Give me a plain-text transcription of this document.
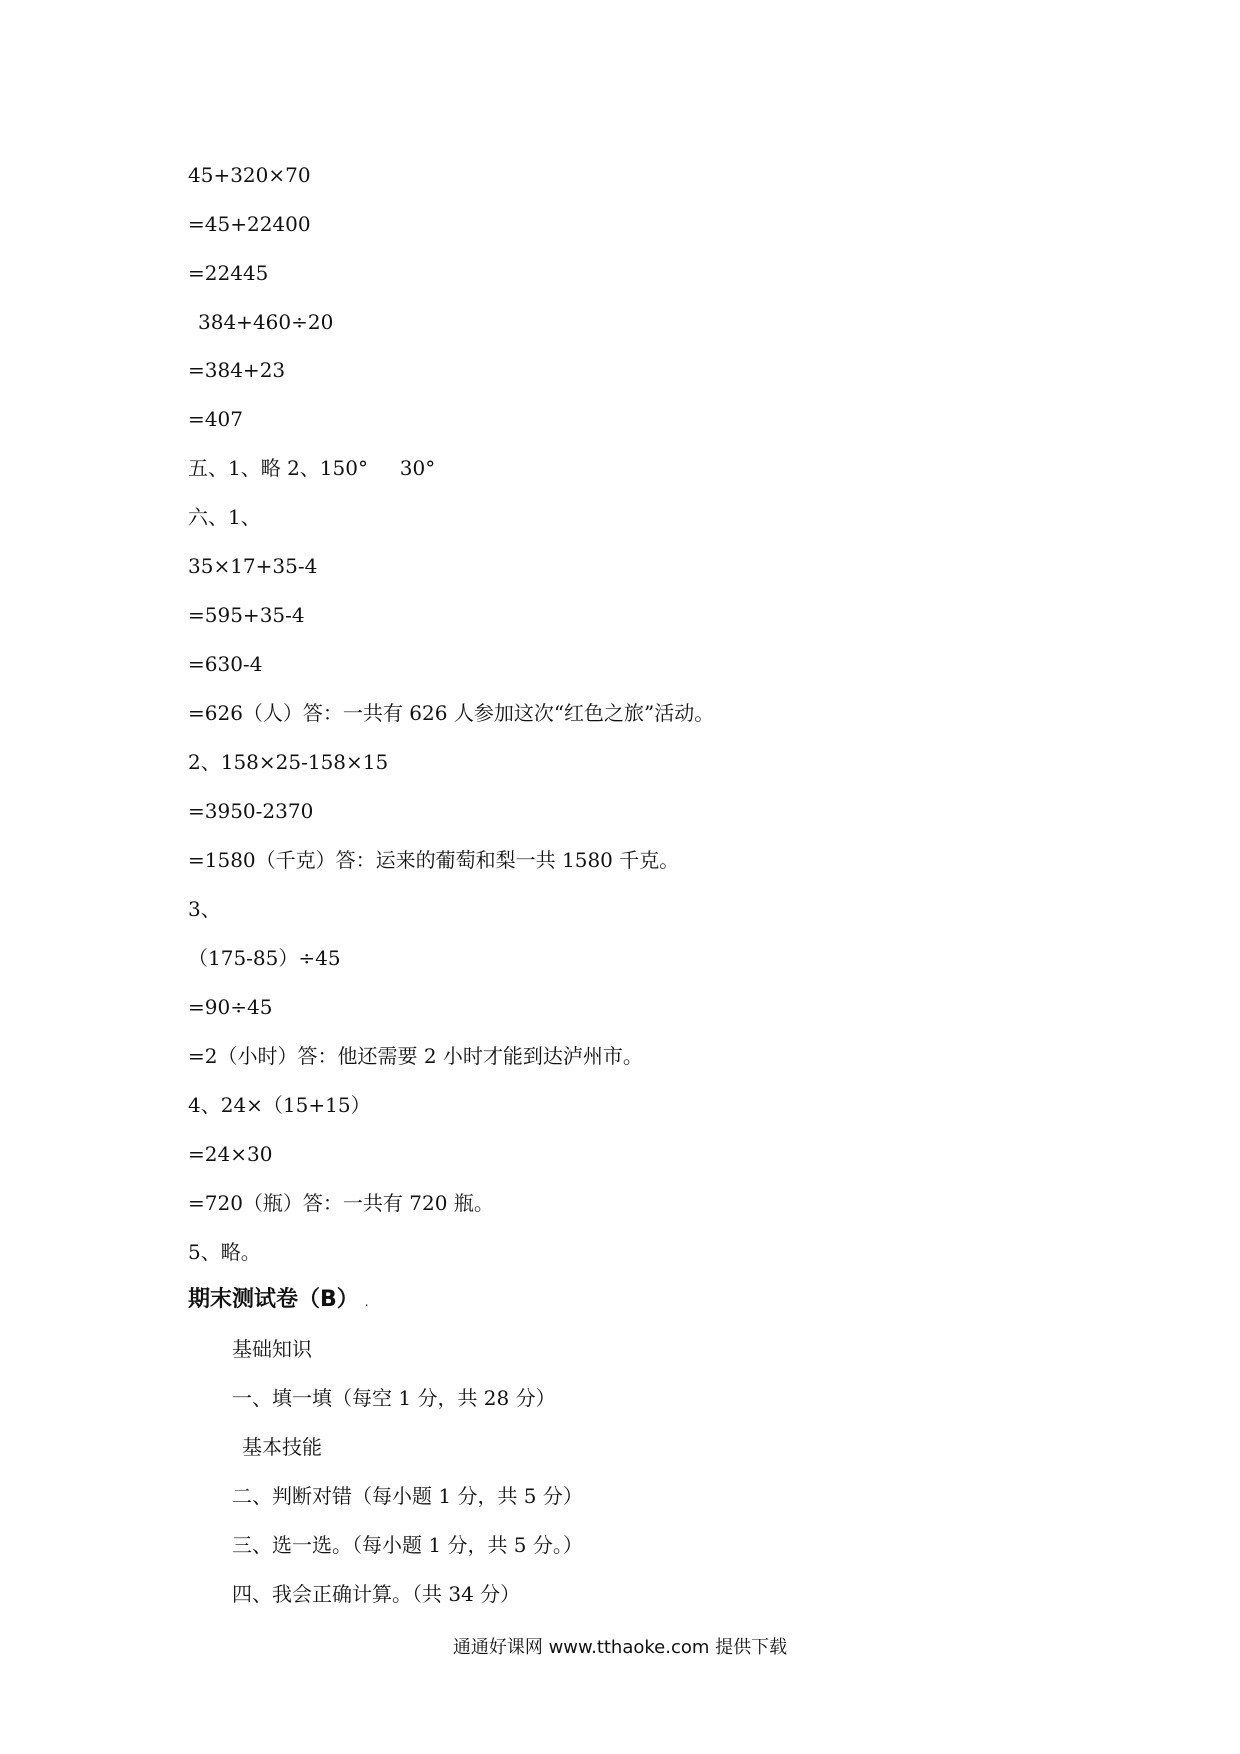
45+320×70
=45+22400
=22445
384+460÷20
=384+23
=407
五、1、略 2、150°     30°
六、1、
35×17+35-4
=595+35-4
=630-4
=626（人）答：一共有 626 人参加这次“红色之旅”活动。
2、158×25-158×15
=3950-2370
=1580（千克）答：运来的葡萄和梨一共 1580 千克。
3、
（175-85）÷45
=90÷45
=2（小时）答：他还需要 2 小时才能到达泸州市。
4、24×（15+15）
=24×30
=720（瓶）答：一共有 720 瓶。
5、略。
期末测试卷（B） .
基础知识
一、填一填（每空 1 分，共 28 分）
基本技能
二、判断对错（每小题 1 分，共 5 分）
三、选一选。（每小题 1 分，共 5 分。）
四、我会正确计算。（共 34 分）
通通好课网 www.tthaoke.com 提供下载
